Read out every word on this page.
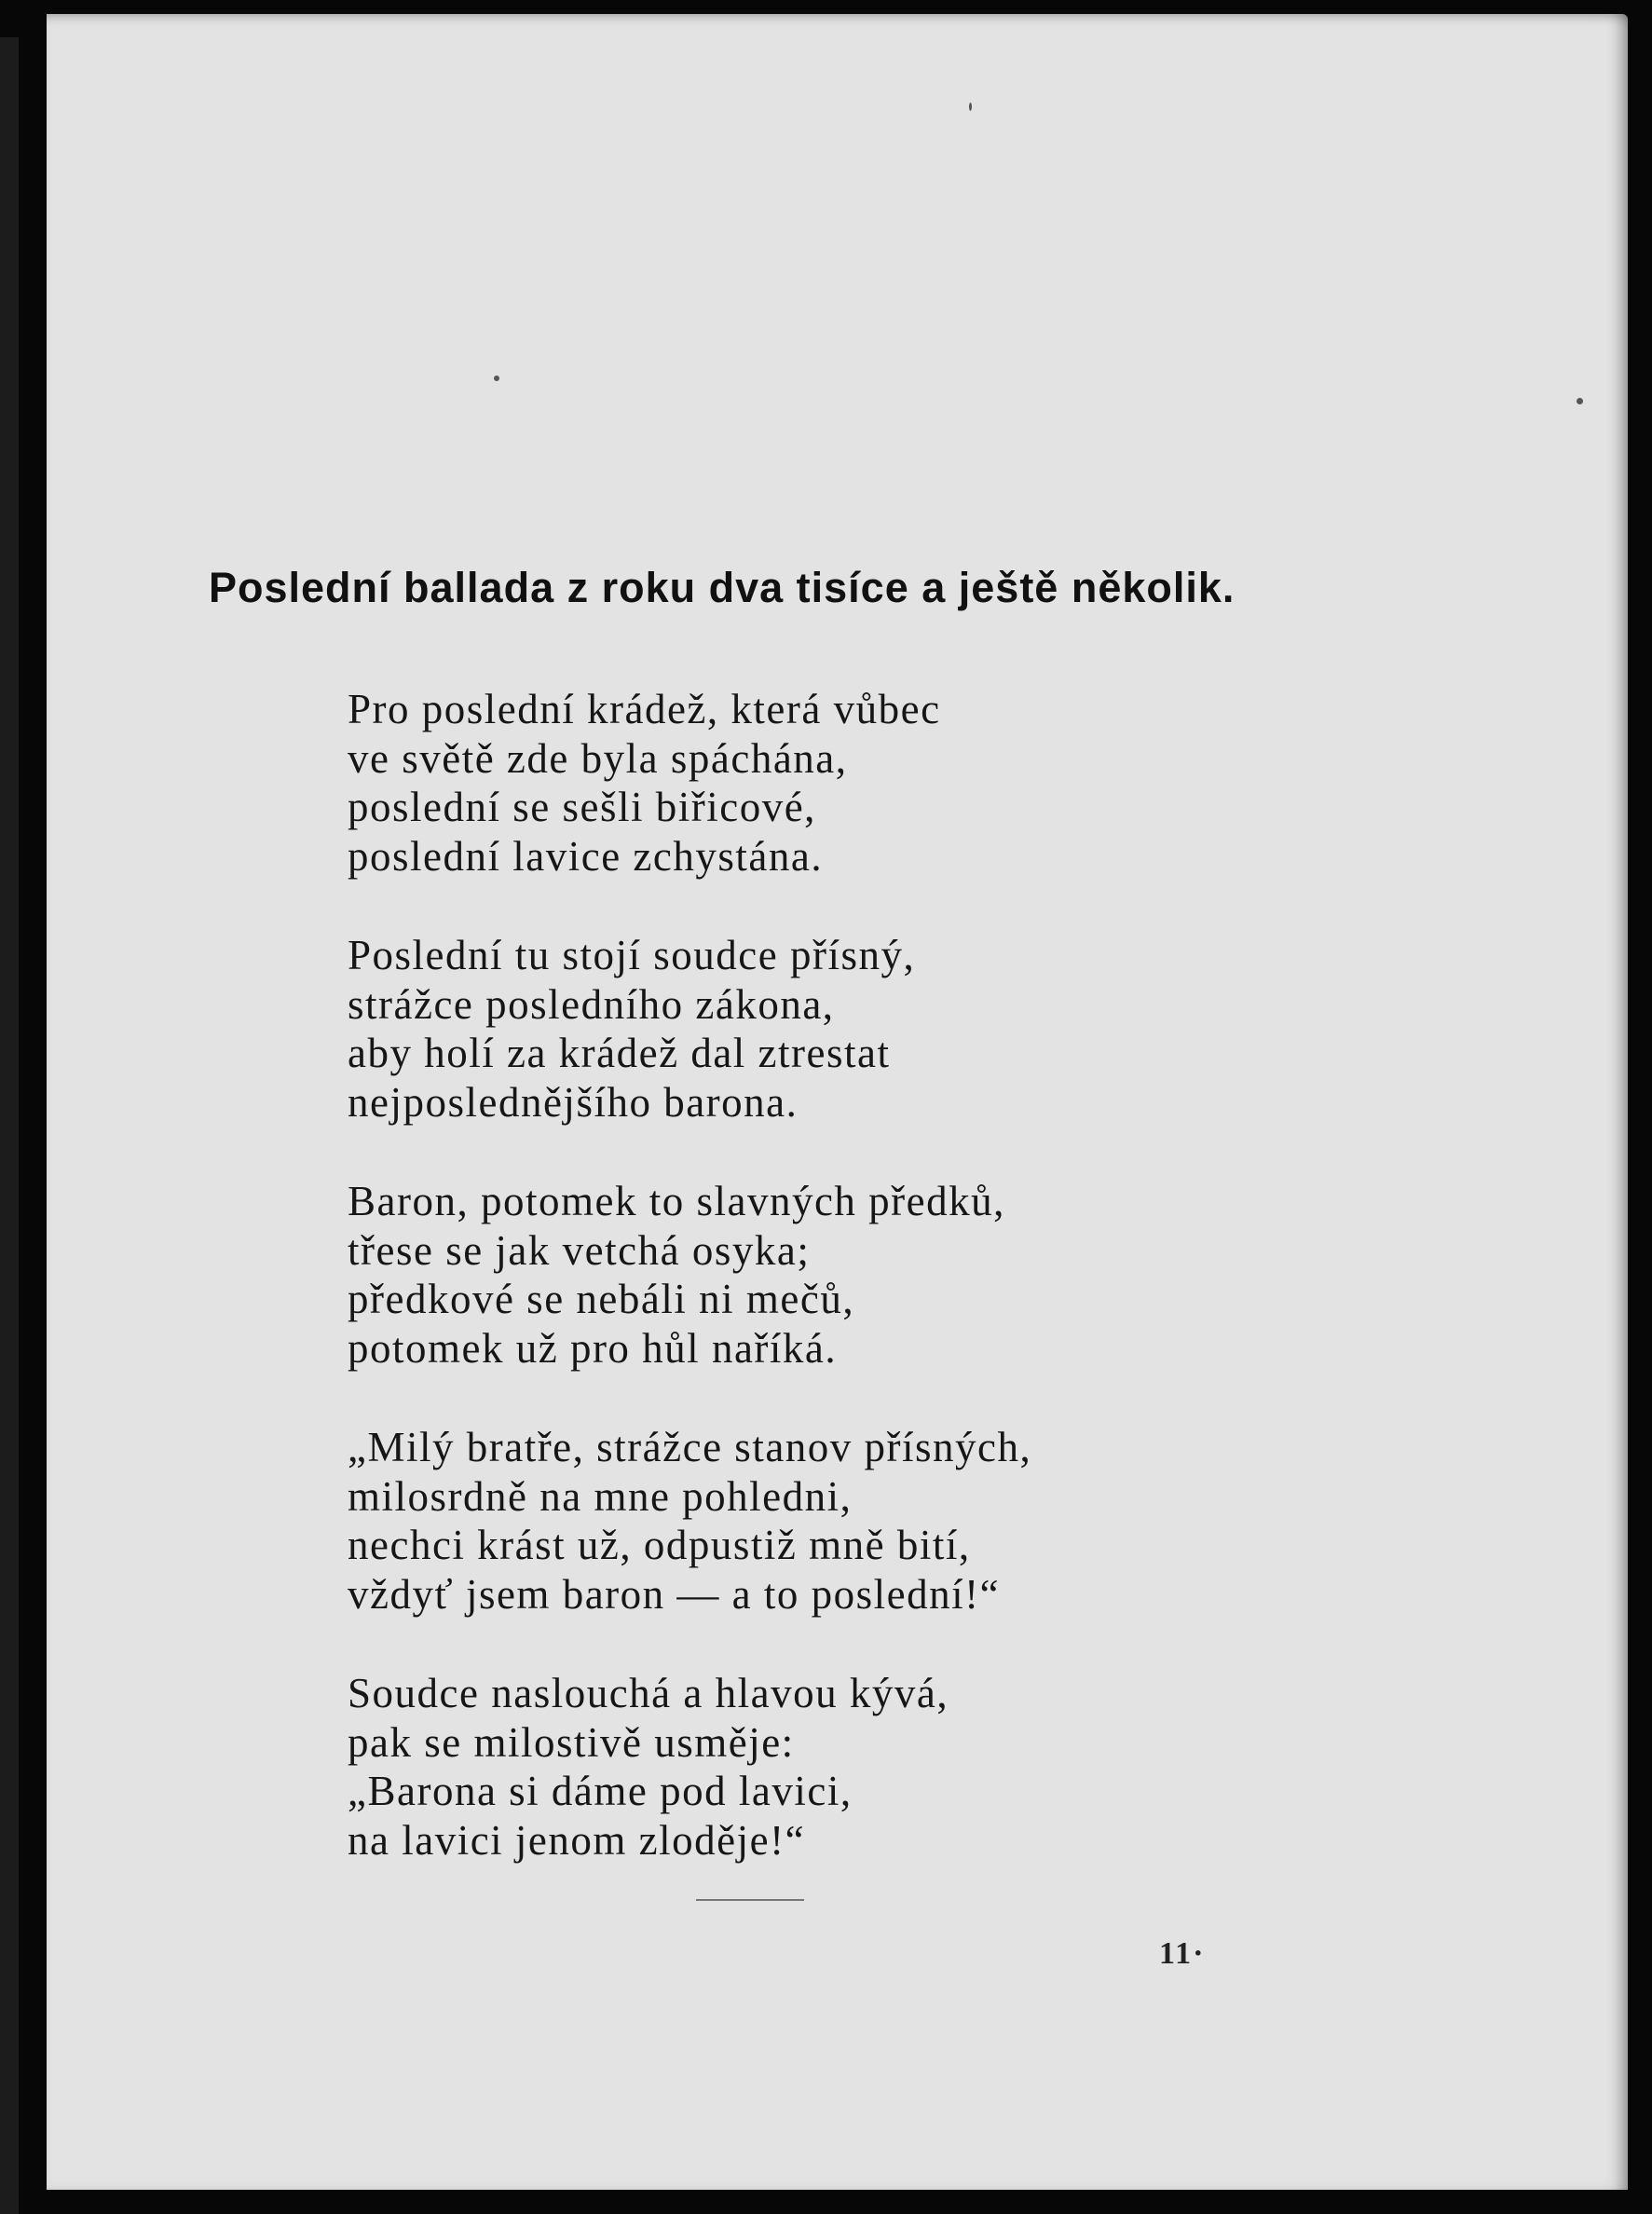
Poslední ballada z roku dva tisíce a ještě několik.

Pro poslední krádež, která vůbec
ve světě zde byla spáchána,
poslední se sešli biřicové,
poslední lavice zchystána.

Poslední tu stojí soudce přísný,
strážce posledního zákona,
aby holí za krádež dal ztrestat
nejposlednějšího barona.

Baron, potomek to slavných předků,
třese se jak vetchá osyka;
předkové se nebáli ni mečů,
potomek už pro hůl naříká.

„Milý bratře, strážce stanov přísných,
milosrdně na mne pohledni,
nechci krást už, odpustiž mně bití,
vždyť jsem baron — a to poslední!“

Soudce naslouchá a hlavou kývá,
pak se milostivě usměje:
„Barona si dáme pod lavici,
na lavici jenom zloděje!“

11·
